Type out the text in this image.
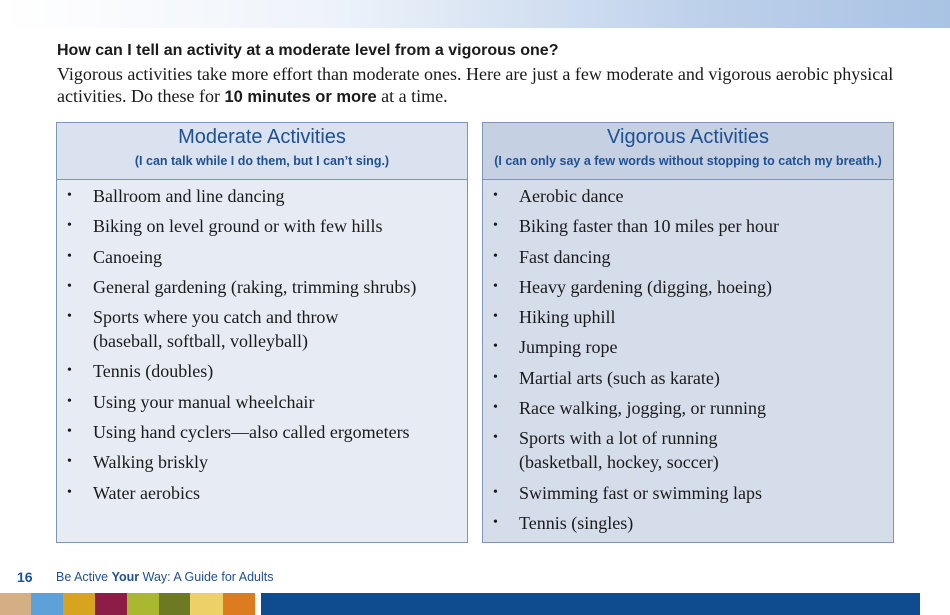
How can I tell an activity at a moderate level from a vigorous one?

Vigorous activities take more effort than moderate ones. Here are just a few moderate and vigorous aerobic physical activities. Do these for 10 minutes or more at a time.

Moderate Activities
(I can talk while I do them, but I can’t sing.)
• Ballroom and line dancing
• Biking on level ground or with few hills
• Canoeing
• General gardening (raking, trimming shrubs)
• Sports where you catch and throw
(baseball, softball, volleyball)
• Tennis (doubles)
• Using your manual wheelchair
• Using hand cyclers—also called ergometers
• Walking briskly
• Water aerobics
Vigorous Activities
(I can only say a few words without stopping to catch my breath.)
• Aerobic dance
• Biking faster than 10 miles per hour
• Fast dancing
• Heavy gardening (digging, hoeing)
• Hiking uphill
• Jumping rope
• Martial arts (such as karate)
• Race walking, jogging, or running
• Sports with a lot of running
(basketball, hockey, soccer)
• Swimming fast or swimming laps
• Tennis (singles)
16 Be Active Your Way: A Guide for Adults
